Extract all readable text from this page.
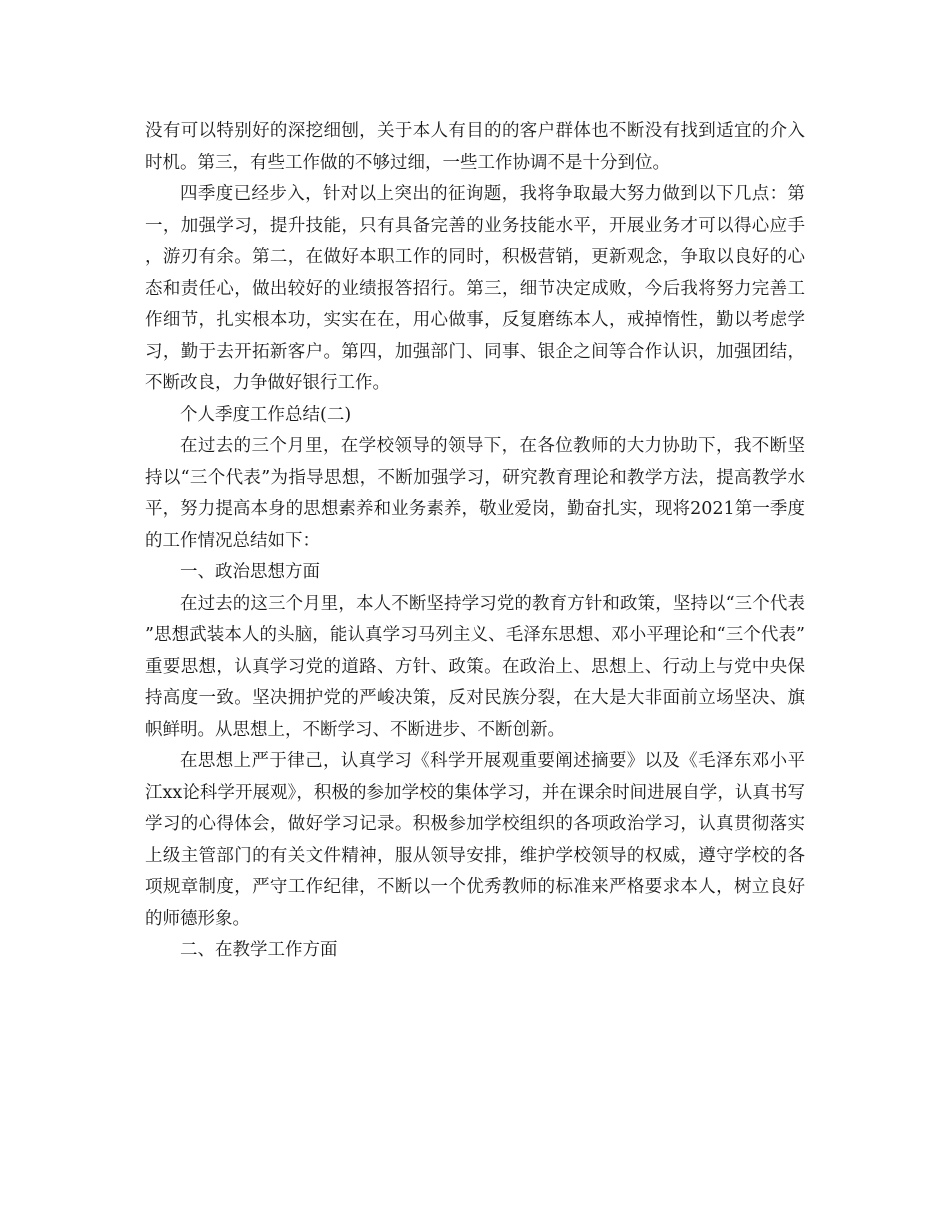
没有可以特别好的深挖细刨，关于本人有目的的客户群体也不断没有找到适宜的介入时机。第三，有些工作做的不够过细，一些工作协调不是十分到位。

四季度已经步入，针对以上突出的征询题，我将争取最大努力做到以下几点：第一，加强学习，提升技能，只有具备完善的业务技能水平，开展业务才可以得心应手，游刃有余。第二，在做好本职工作的同时，积极营销，更新观念，争取以良好的心态和责任心，做出较好的业绩报答招行。第三，细节决定成败，今后我将努力完善工作细节，扎实根本功，实实在在，用心做事，反复磨练本人，戒掉惰性，勤以考虑学习，勤于去开拓新客户。第四，加强部门、同事、银企之间等合作认识，加强团结，不断改良，力争做好银行工作。

个人季度工作总结(二)

在过去的三个月里，在学校领导的领导下，在各位教师的大力协助下，我不断坚持以“三个代表”为指导思想，不断加强学习，研究教育理论和教学方法，提高教学水平，努力提高本身的思想素养和业务素养，敬业爱岗，勤奋扎实，现将2021第一季度的工作情况总结如下：

一、政治思想方面

在过去的这三个月里，本人不断坚持学习党的教育方针和政策，坚持以“三个代表”思想武装本人的头脑，能认真学习马列主义、毛泽东思想、邓小平理论和“三个代表”重要思想，认真学习党的道路、方针、政策。在政治上、思想上、行动上与党中央保持高度一致。坚决拥护党的严峻决策，反对民族分裂，在大是大非面前立场坚决、旗帜鲜明。从思想上，不断学习、不断进步、不断创新。

在思想上严于律己，认真学习《科学开展观重要阐述摘要》以及《毛泽东邓小平江xx论科学开展观》，积极的参加学校的集体学习，并在课余时间进展自学，认真书写学习的心得体会，做好学习记录。积极参加学校组织的各项政治学习，认真贯彻落实上级主管部门的有关文件精神，服从领导安排，维护学校领导的权威，遵守学校的各项规章制度，严守工作纪律，不断以一个优秀教师的标准来严格要求本人，树立良好的师德形象。

二、在教学工作方面
